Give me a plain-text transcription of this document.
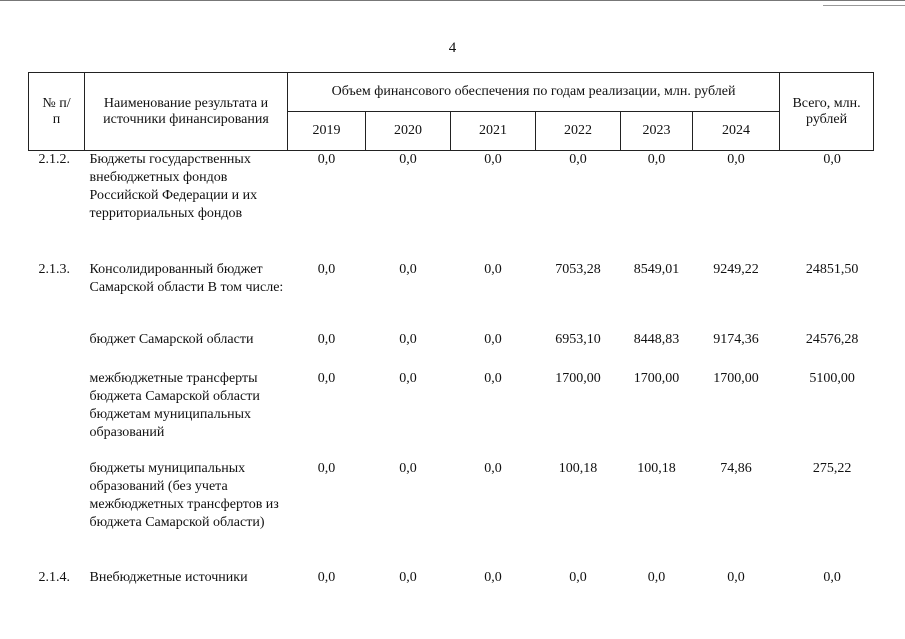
4
№ п/п	Наименование результата и источники финансирования	Объем финансового обеспечения по годам реализации, млн. рублей						Всего, млн. рублей
		2019	2020	2021	2022	2023	2024	
2.1.2.	Бюджеты государственных внебюджетных фондов Российской Федерации и их территориальных фондов	0,0	0,0	0,0	0,0	0,0	0,0	0,0
2.1.3.	Консолидированный бюджет Самарской области В том числе:	0,0	0,0	0,0	7053,28	8549,01	9249,22	24851,50
	бюджет Самарской области	0,0	0,0	0,0	6953,10	8448,83	9174,36	24576,28
	межбюджетные трансферты бюджета Самарской области бюджетам муниципальных образований	0,0	0,0	0,0	1700,00	1700,00	1700,00	5100,00
	бюджеты муниципальных образований (без учета межбюджетных трансфертов из бюджета Самарской области)	0,0	0,0	0,0	100,18	100,18	74,86	275,22
2.1.4.	Внебюджетные источники	0,0	0,0	0,0	0,0	0,0	0,0	0,0
